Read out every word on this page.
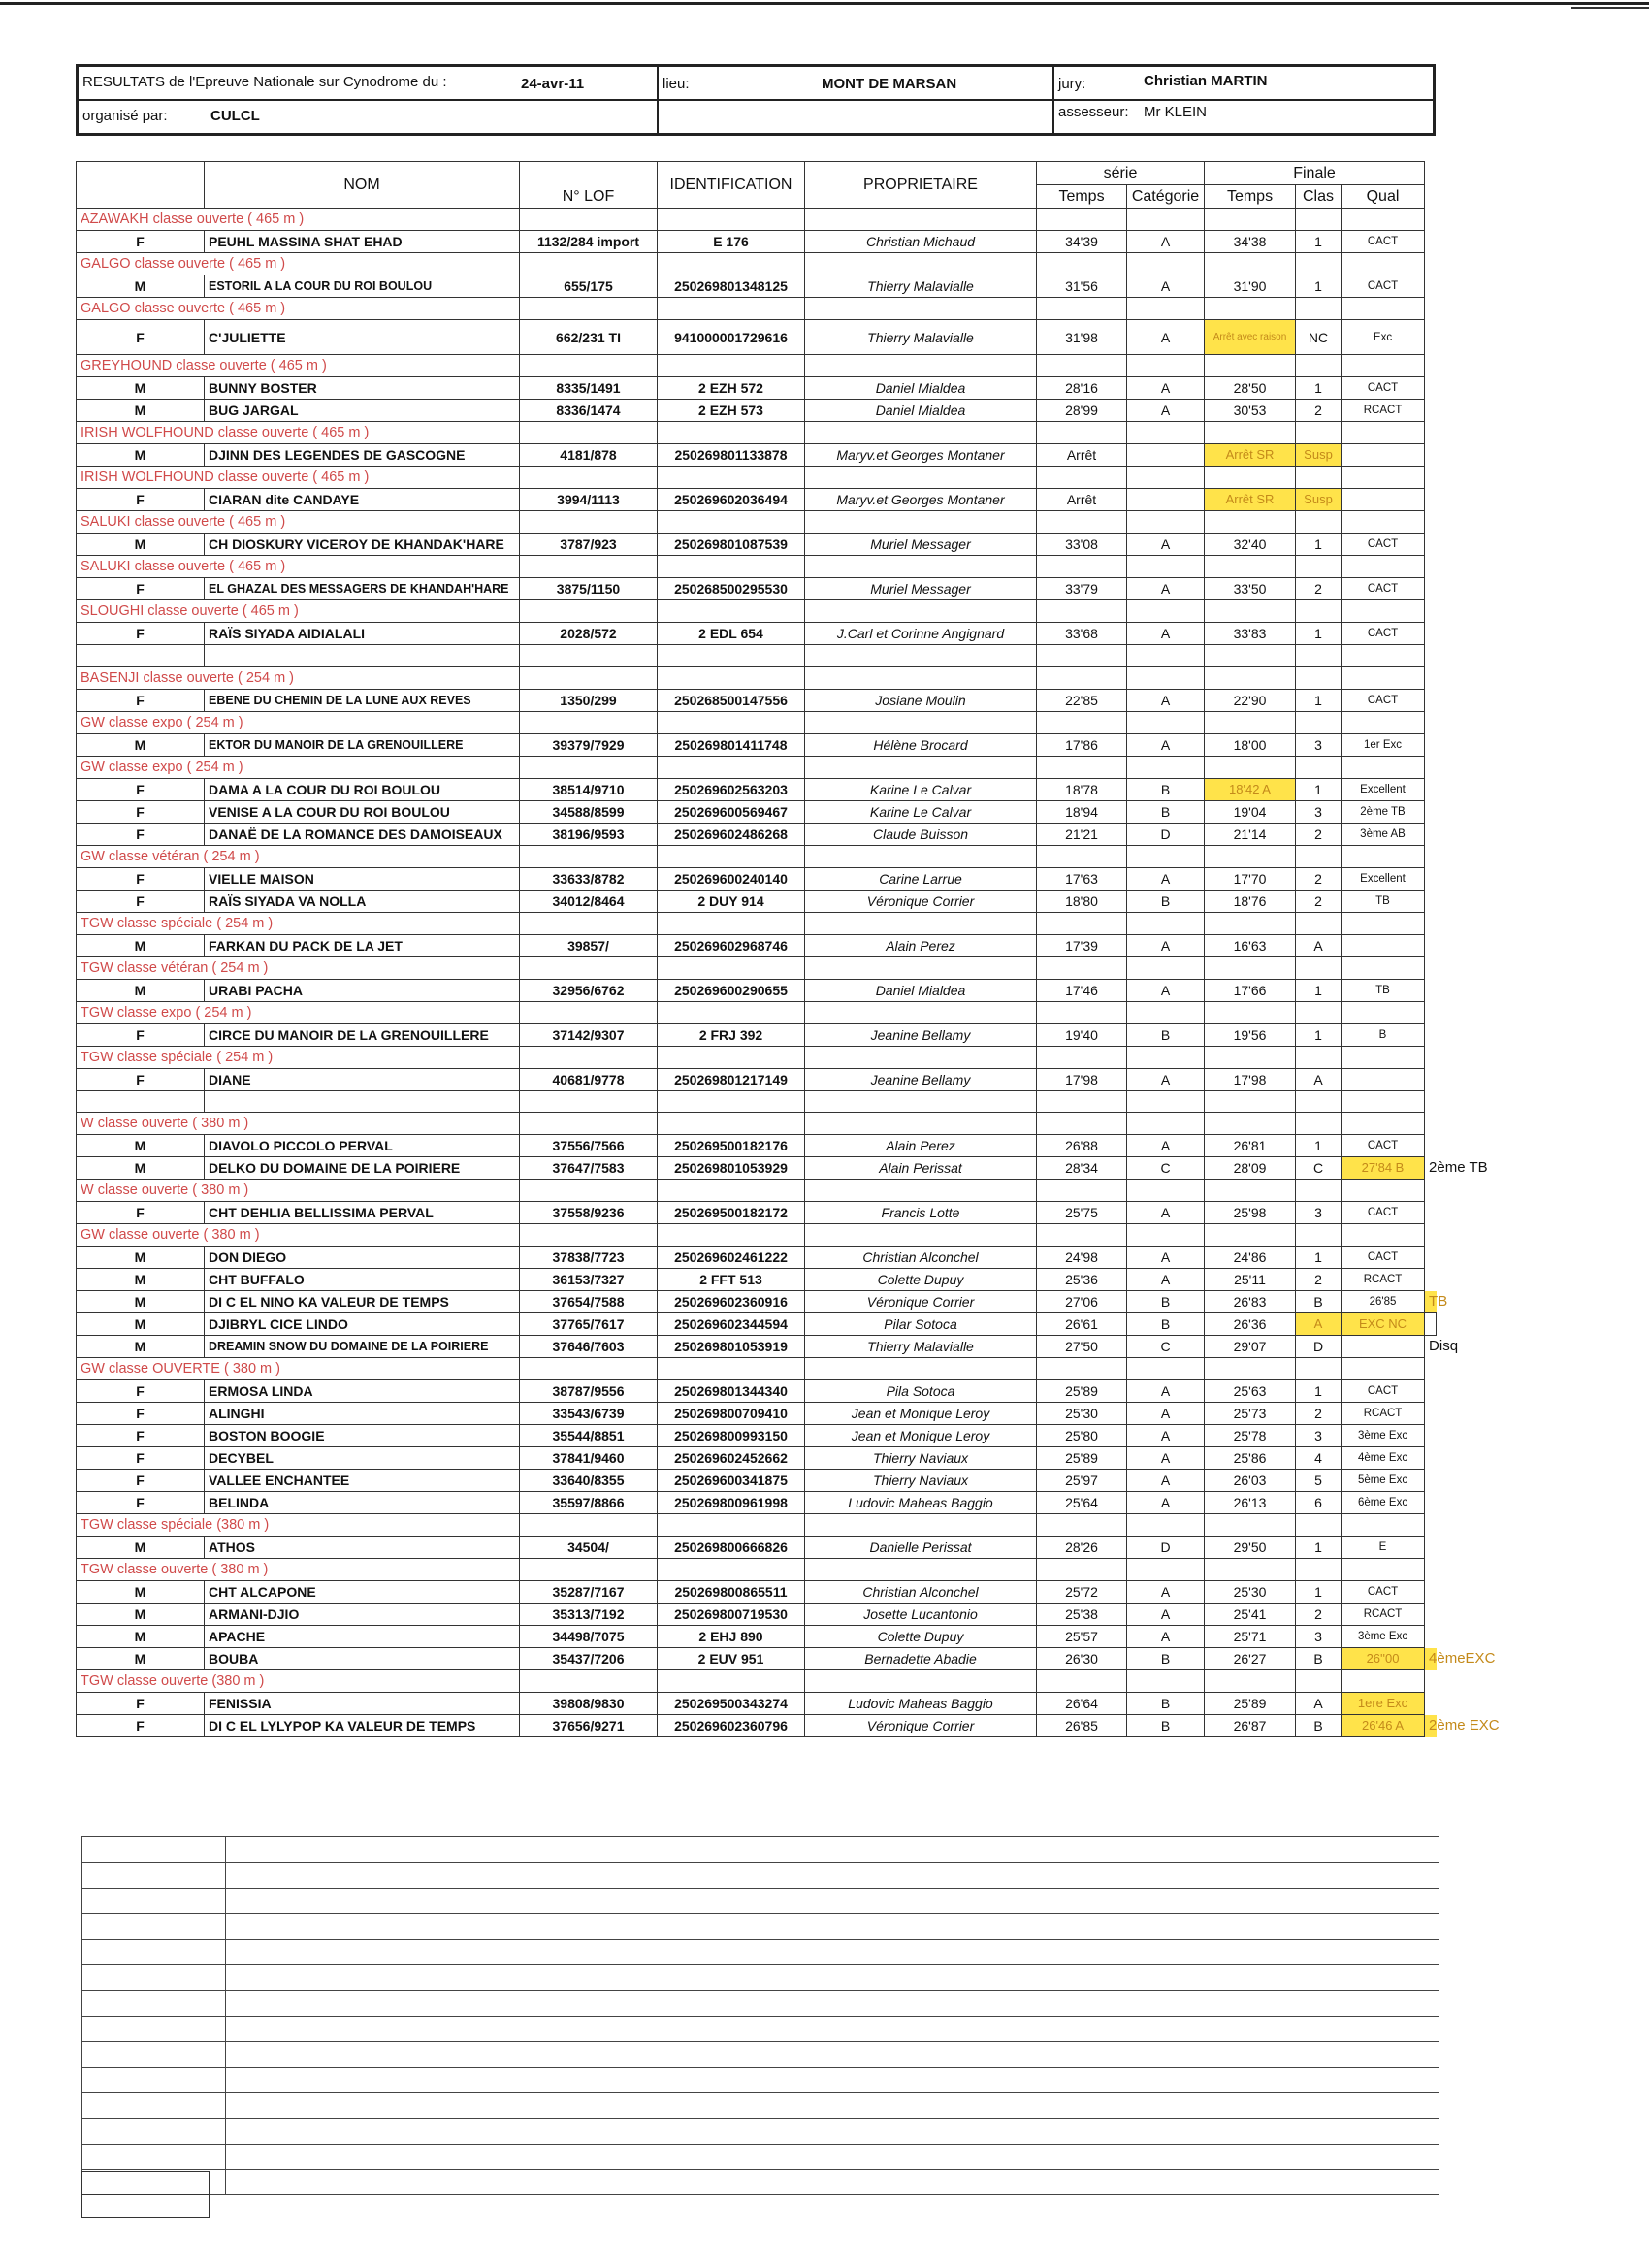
RESULTATS de l'Epreuve Nationale sur Cynodrome du :	24-avr-11	lieu:	MONT DE MARSAN	jury:	Christian MARTIN
organisé par:	CULCL	assesseur: Mr KLEIN
	NOM	N° LOF	IDENTIFICATION	PROPRIETAIRE	série		Finale			
					Temps	Catégorie	Temps	Clas	Qual	
AZAWAKH classe ouverte ( 465 m )										
F	PEUHL MASSINA SHAT EHAD	1132/284 import	E 176	Christian Michaud	34'39	A	34'38	1	CACT	
GALGO classe ouverte ( 465 m )										
M	ESTORIL A LA COUR DU ROI BOULOU	655/175	250269801348125	Thierry Malavialle	31'56	A	31'90	1	CACT	
GALGO classe ouverte ( 465 m )										
F	C'JULIETTE	662/231 TI	941000001729616	Thierry Malavialle	31'98	A	Arrêt avec raison	NC	Exc	
GREYHOUND classe ouverte ( 465 m )										
M	BUNNY BOSTER	8335/1491	2 EZH 572	Daniel Mialdea	28'16	A	28'50	1	CACT	
M	BUG JARGAL	8336/1474	2 EZH 573	Daniel Mialdea	28'99	A	30'53	2	RCACT	
IRISH WOLFHOUND classe ouverte ( 465 m )										
M	DJINN DES LEGENDES DE GASCOGNE	4181/878	250269801133878	Maryv.et Georges Montaner	Arrêt		Arrêt SR	Susp		
IRISH WOLFHOUND classe ouverte ( 465 m )										
F	CIARAN dite CANDAYE	3994/1113	250269602036494	Maryv.et Georges Montaner	Arrêt		Arrêt SR	Susp		
SALUKI classe ouverte ( 465 m )										
M	CH DIOSKURY VICEROY DE KHANDAK'HARE	3787/923	250269801087539	Muriel Messager	33'08	A	32'40	1	CACT	
SALUKI classe ouverte ( 465 m )										
F	EL GHAZAL DES MESSAGERS DE KHANDAH'HARE	3875/1150	250268500295530	Muriel Messager	33'79	A	33'50	2	CACT	
SLOUGHI classe ouverte ( 465 m )										
F	RAÏS SIYADA AIDIALALI	2028/572	2 EDL 654	J.Carl et Corinne Angignard	33'68	A	33'83	1	CACT	

BASENJI classe ouverte ( 254 m )										
F	EBENE DU CHEMIN DE LA LUNE AUX REVES	1350/299	250268500147556	Josiane Moulin	22'85	A	22'90	1	CACT	
GW classe expo ( 254 m )										
M	EKTOR DU MANOIR DE LA GRENOUILLERE	39379/7929	250269801411748	Hélène Brocard	17'86	A	18'00	3	1er Exc	
GW classe expo ( 254 m )										
F	DAMA A LA COUR DU ROI BOULOU	38514/9710	250269602563203	Karine Le Calvar	18'78	B	18'42 A	1	Excellent	
F	VENISE A LA COUR DU ROI BOULOU	34588/8599	250269600569467	Karine Le Calvar	18'94	B	19'04	3	2ème TB	
F	DANAË DE LA ROMANCE DES DAMOISEAUX	38196/9593	250269602486268	Claude Buisson	21'21	D	21'14	2	3ème AB	
GW classe vétéran ( 254 m )										
F	VIELLE MAISON	33633/8782	250269600240140	Carine Larrue	17'63	A	17'70	2	Excellent	
F	RAÏS SIYADA VA NOLLA	34012/8464	2 DUY 914	Véronique Corrier	18'80	B	18'76	2	TB	
TGW classe spéciale ( 254 m )										
M	FARKAN DU PACK DE LA JET	39857/	250269602968746	Alain Perez	17'39	A	16'63	A		
TGW classe vétéran ( 254 m )										
M	URABI PACHA	32956/6762	250269600290655	Daniel Mialdea	17'46	A	17'66	1	TB	
TGW classe expo ( 254 m )										
F	CIRCE DU MANOIR DE LA GRENOUILLERE	37142/9307	2 FRJ 392	Jeanine Bellamy	19'40	B	19'56	1	B	
TGW classe spéciale ( 254 m )										
F	DIANE	40681/9778	250269801217149	Jeanine Bellamy	17'98	A	17'98	A		

W classe ouverte ( 380 m )										
M	DIAVOLO PICCOLO PERVAL	37556/7566	250269500182176	Alain Perez	26'88	A	26'81	1	CACT	
M	DELKO DU DOMAINE DE LA POIRIERE	37647/7583	250269801053929	Alain Perissat	28'34	C	28'09	C	27'84 B	2ème TB
W classe ouverte ( 380 m )										
F	CHT DEHLIA BELLISSIMA PERVAL	37558/9236	250269500182172	Francis Lotte	25'75	A	25'98	3	CACT	
GW classe ouverte ( 380 m )										
M	DON DIEGO	37838/7723	250269602461222	Christian Alconchel	24'98	A	24'86	1	CACT	
M	CHT BUFFALO	36153/7327	2 FFT 513	Colette Dupuy	25'36	A	25'11	2	RCACT	
M	DI C EL NINO KA VALEUR DE TEMPS	37654/7588	250269602360916	Véronique Corrier	27'06	B	26'83	B	26'85	TB
M	DJIBRYL CICE LINDO	37765/7617	250269602344594	Pilar Sotoca	26'61	B	26'36	A	EXC NC	
M	DREAMIN SNOW DU DOMAINE DE LA POIRIERE	37646/7603	250269801053919	Thierry Malavialle	27'50	C	29'07	D		Disq
GW classe OUVERTE ( 380 m )										
F	ERMOSA LINDA	38787/9556	250269801344340	Pila Sotoca	25'89	A	25'63	1	CACT	
F	ALINGHI	33543/6739	250269800709410	Jean et Monique Leroy	25'30	A	25'73	2	RCACT	
F	BOSTON BOOGIE	35544/8851	250269800993150	Jean et Monique Leroy	25'80	A	25'78	3	3ème Exc	
F	DECYBEL	37841/9460	250269602452662	Thierry Naviaux	25'89	A	25'86	4	4ème Exc	
F	VALLEE ENCHANTEE	33640/8355	250269600341875	Thierry Naviaux	25'97	A	26'03	5	5ème Exc	
F	BELINDA	35597/8866	250269800961998	Ludovic Maheas Baggio	25'64	A	26'13	6	6ème Exc	
TGW classe spéciale (380 m )										
M	ATHOS	34504/	250269800666826	Danielle Perissat	28'26	D	29'50	1	E	
TGW classe ouverte ( 380 m )										
M	CHT ALCAPONE	35287/7167	250269800865511	Christian Alconchel	25'72	A	25'30	1	CACT	
M	ARMANI-DJIO	35313/7192	250269800719530	Josette Lucantonio	25'38	A	25'41	2	RCACT	
M	APACHE	34498/7075	2 EHJ 890	Colette Dupuy	25'57	A	25'71	3	3ème Exc	
M	BOUBA	35437/7206	2 EUV 951	Bernadette Abadie	26'30	B	26'27	B	26''00	4èmeEXC
TGW classe ouverte (380 m )										
F	FENISSIA	39808/9830	250269500343274	Ludovic Maheas Baggio	26'64	B	25'89	A	1ere Exc	
F	DI C EL LYLYPOP KA VALEUR DE TEMPS	37656/9271	250269602360796	Véronique Corrier	26'85	B	26'87	B	26'46 A	2ème EXC
